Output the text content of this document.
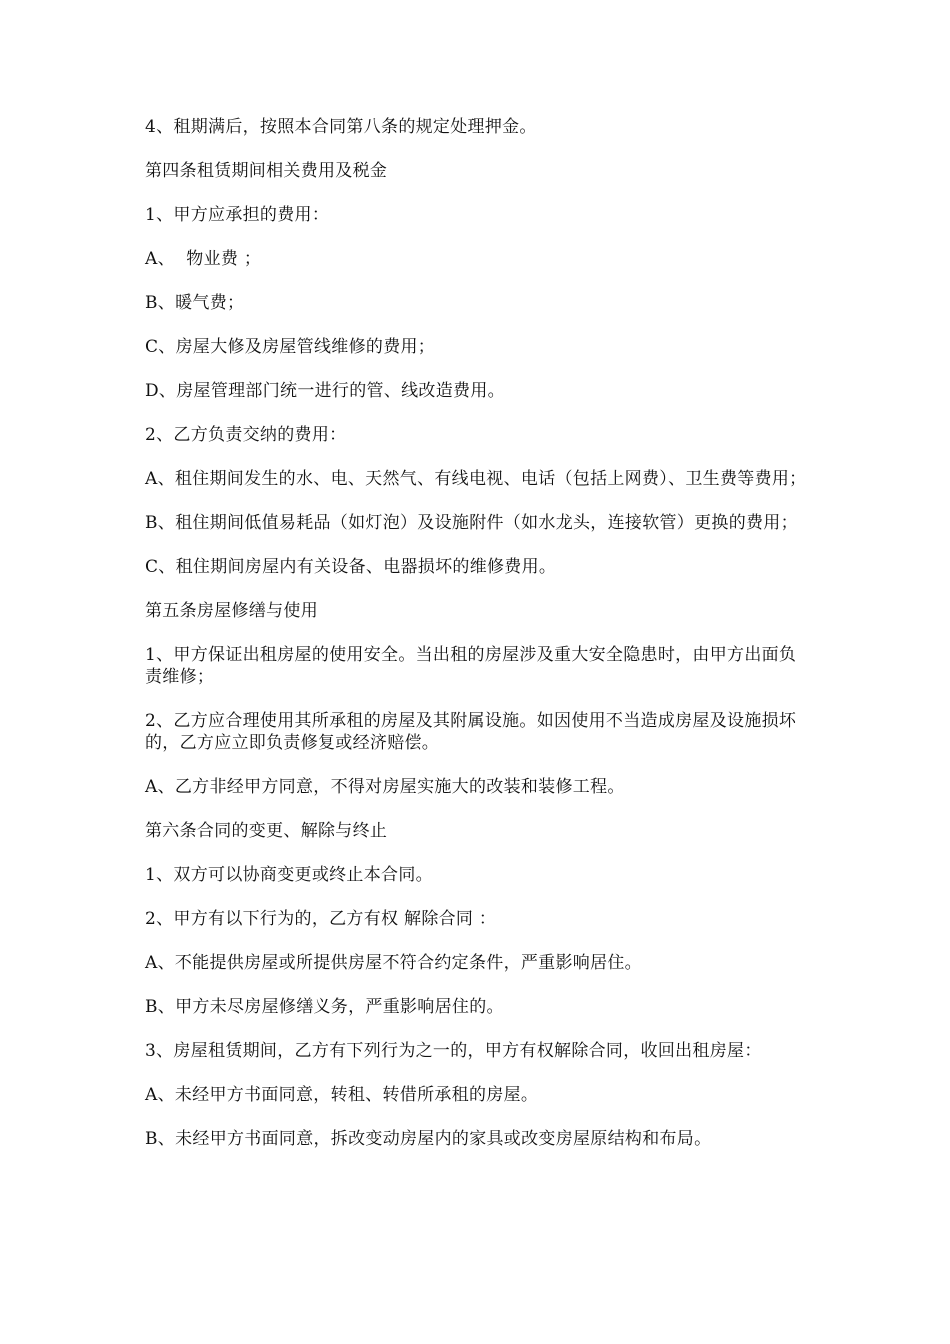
4、租期满后，按照本合同第八条的规定处理押金。

第四条租赁期间相关费用及税金

1、甲方应承担的费用：

A、  物业费 ；

B、暖气费；

C、房屋大修及房屋管线维修的费用；

D、房屋管理部门统一进行的管、线改造费用。

2、乙方负责交纳的费用：

A、租住期间发生的水、电、天然气、有线电视、电话（包括上网费）、卫生费等费用；

B、租住期间低值易耗品（如灯泡）及设施附件（如水龙头，连接软管）更换的费用；

C、租住期间房屋内有关设备、电器损坏的维修费用。

第五条房屋修缮与使用

1、甲方保证出租房屋的使用安全。当出租的房屋涉及重大安全隐患时，由甲方出面负责维修；

2、乙方应合理使用其所承租的房屋及其附属设施。如因使用不当造成房屋及设施损坏的，乙方应立即负责修复或经济赔偿。

A、乙方非经甲方同意，不得对房屋实施大的改装和装修工程。

第六条合同的变更、解除与终止

1、双方可以协商变更或终止本合同。

2、甲方有以下行为的，乙方有权 解除合同 ：

A、不能提供房屋或所提供房屋不符合约定条件，严重影响居住。

B、甲方未尽房屋修缮义务，严重影响居住的。

3、房屋租赁期间，乙方有下列行为之一的，甲方有权解除合同，收回出租房屋：

A、未经甲方书面同意，转租、转借所承租的房屋。

B、未经甲方书面同意，拆改变动房屋内的家具或改变房屋原结构和布局。
